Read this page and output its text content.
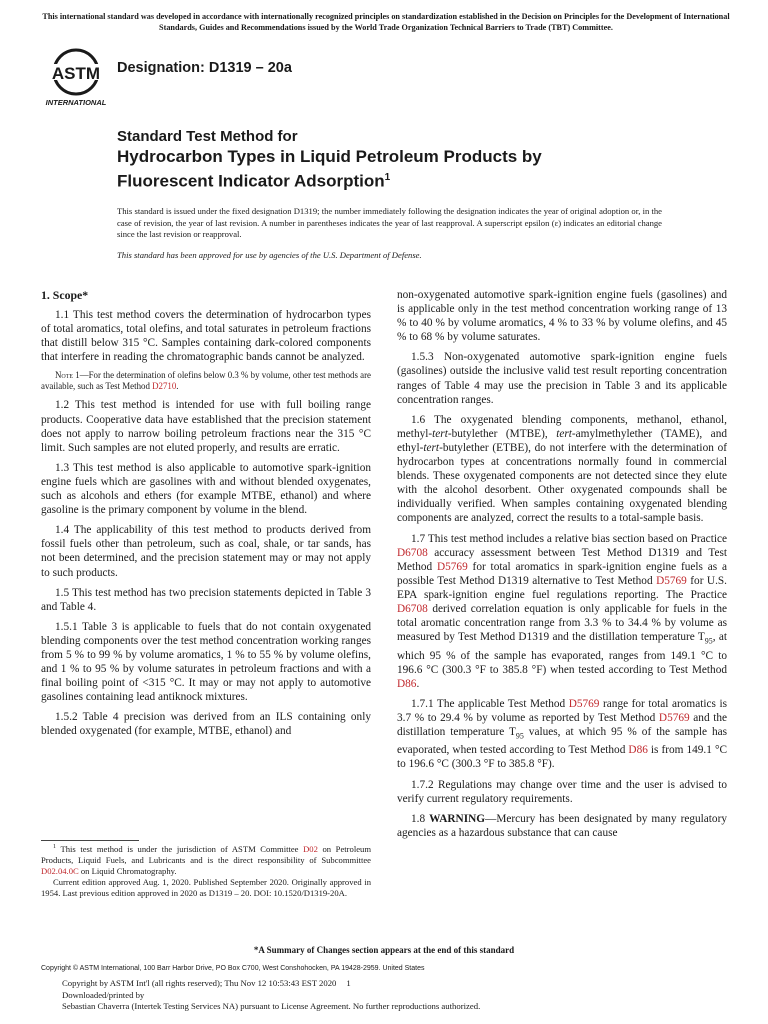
This international standard was developed in accordance with internationally recognized principles on standardization established in the Decision on Principles for the Development of International Standards, Guides and Recommendations issued by the World Trade Organization Technical Barriers to Trade (TBT) Committee.
ASTM
INTERNATIONAL
Designation: D1319 – 20a
Standard Test Method for
Hydrocarbon Types in Liquid Petroleum Products by
Fluorescent Indicator Adsorption$^1$
This standard is issued under the fixed designation D1319; the number immediately following the designation indicates the year of original adoption or, in the case of revision, the year of last revision. A number in parentheses indicates the year of last reapproval. A superscript epsilon (ε) indicates an editorial change since the last revision or reapproval.
This standard has been approved for use by agencies of the U.S. Department of Defense.
1. Scope*

1.1 This test method covers the determination of hydrocarbon types of total aromatics, total olefins, and total saturates in petroleum fractions that distill below 315 °C. Samples containing dark-colored components that interfere in reading the chromatographic bands cannot be analyzed.

Note 1—For the determination of olefins below 0.3 % by volume, other test methods are available, such as Test Method D2710.

1.2 This test method is intended for use with full boiling range products. Cooperative data have established that the precision statement does not apply to narrow boiling petroleum fractions near the 315 °C limit. Such samples are not eluted properly, and results are erratic.

1.3 This test method is also applicable to automotive spark-ignition engine fuels which are gasolines with and without blended oxygenates, such as alcohols and ethers (for example MTBE, ethanol) and where gasoline is the primary component by volume in the blend.

1.4 The applicability of this test method to products derived from fossil fuels other than petroleum, such as coal, shale, or tar sands, has not been determined, and the precision statement may or may not apply to such products.

1.5 This test method has two precision statements depicted in Table 3 and Table 4.

1.5.1 Table 3 is applicable to fuels that do not contain oxygenated blending components over the test method concentration working ranges from 5 % to 99 % by volume aromatics, 1 % to 55 % by volume olefins, and 1 % to 95 % by volume saturates in petroleum fractions and with a final boiling point of <315 °C. It may or may not apply to automotive gasolines containing lead antiknock mixtures.

1.5.2 Table 4 precision was derived from an ILS containing only blended oxygenated (for example, MTBE, ethanol) and

$^1$ This test method is under the jurisdiction of ASTM Committee D02 on Petroleum Products, Liquid Fuels, and Lubricants and is the direct responsibility of Subcommittee D02.04.0C on Liquid Chromatography.

Current edition approved Aug. 1, 2020. Published September 2020. Originally approved in 1954. Last previous edition approved in 2020 as D1319 – 20. DOI: 10.1520/D1319-20A.

non-oxygenated automotive spark-ignition engine fuels (gasolines) and is applicable only in the test method concentration working range of 13 % to 40 % by volume aromatics, 4 % to 33 % by volume olefins, and 45 % to 68 % by volume saturates.

1.5.3 Non-oxygenated automotive spark-ignition engine fuels (gasolines) outside the inclusive valid test result reporting concentration ranges of Table 4 may use the precision in Table 3 and its applicable concentration ranges.

1.6 The oxygenated blending components, methanol, ethanol, methyl-tert-butylether (MTBE), tert-amylmethylether (TAME), and ethyl-tert-butylether (ETBE), do not interfere with the determination of hydrocarbon types at concentrations normally found in commercial blends. These oxygenated components are not detected since they elute with the alcohol desorbent. Other oxygenated compounds shall be individually verified. When samples containing oxygenated blending components are analyzed, correct the results to a total-sample basis.

1.7 This test method includes a relative bias section based on Practice D6708 accuracy assessment between Test Method D1319 and Test Method D5769 for total aromatics in spark-ignition engine fuels as a possible Test Method D1319 alternative to Test Method D5769 for U.S. EPA spark-ignition engine fuel regulations reporting. The Practice D6708 derived correlation equation is only applicable for fuels in the total aromatic concentration range from 3.3 % to 34.4 % by volume as measured by Test Method D1319 and the distillation temperature $T_{95}$, at which 95 % of the sample has evaporated, ranges from 149.1 °C to 196.6 °C (300.3 °F to 385.8 °F) when tested according to Test Method D86.

1.7.1 The applicable Test Method D5769 range for total aromatics is 3.7 % to 29.4 % by volume as reported by Test Method D5769 and the distillation temperature $T_{95}$ values, at which 95 % of the sample has evaporated, when tested according to Test Method D86 is from 149.1 °C to 196.6 °C (300.3 °F to 385.8 °F).

1.7.2 Regulations may change over time and the user is advised to verify current regulatory requirements.

1.8 WARNING—Mercury has been designated by many regulatory agencies as a hazardous substance that can cause

*A Summary of Changes section appears at the end of this standard
Copyright © ASTM International, 100 Barr Harbor Drive, PO Box C700, West Conshohocken, PA 19428-2959. United States
Copyright by ASTM Int'l (all rights reserved); Thu Nov 12 10:53:43 EST 2020 1
Downloaded/printed by
Sebastian Chaverra (Intertek Testing Services NA) pursuant to License Agreement. No further reproductions authorized.
